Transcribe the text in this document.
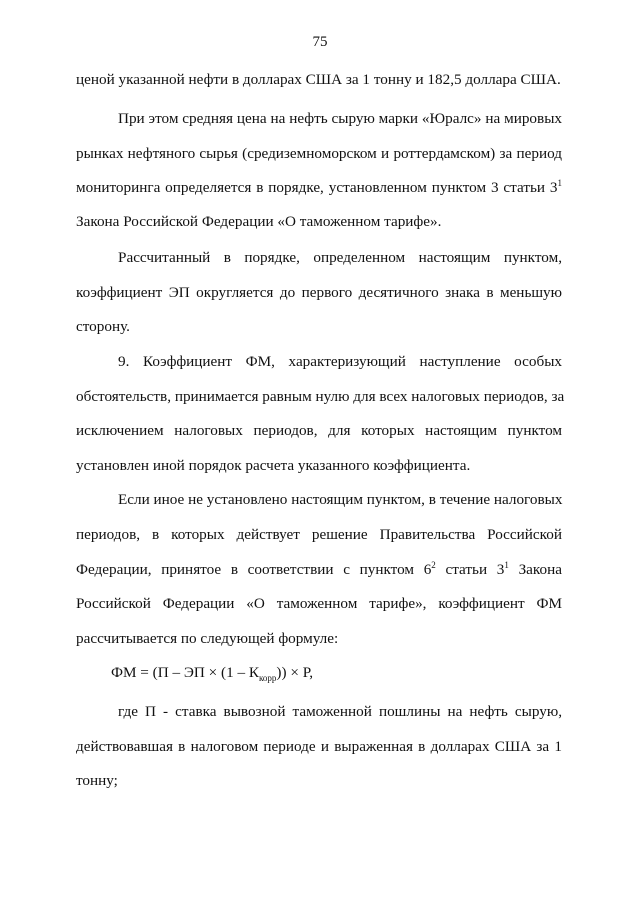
75
ценой указанной нефти в долларах США за 1 тонну и 182,5 доллара США.
При этом средняя цена на нефть сырую марки «Юралс» на мировых
рынках нефтяного сырья (средиземноморском и роттердамском) за период
мониторинга определяется в порядке, установленном пунктом 3 статьи $3^1$
Закона Российской Федерации «О таможенном тарифе».
Рассчитанный в порядке, определенном настоящим пунктом,
коэффициент ЭП округляется до первого десятичного знака в меньшую
сторону.
9. Коэффициент ФМ, характеризующий наступление особых
обстоятельств, принимается равным нулю для всех налоговых периодов, за
исключением налоговых периодов, для которых настоящим пунктом
установлен иной порядок расчета указанного коэффициента.
Если иное не установлено настоящим пунктом, в течение налоговых
периодов, в которых действует решение Правительства Российской
Федерации, принятое в соответствии с пунктом $6^2$ статьи $3^1$ Закона
Российской Федерации «О таможенном тарифе», коэффициент ФМ
рассчитывается по следующей формуле:
ФМ = (П – ЭП × $(1 - К_{корр})) \times Р$,
где П - ставка вывозной таможенной пошлины на нефть сырую,
действовавшая в налоговом периоде и выраженная в долларах США за 1
тонну;
